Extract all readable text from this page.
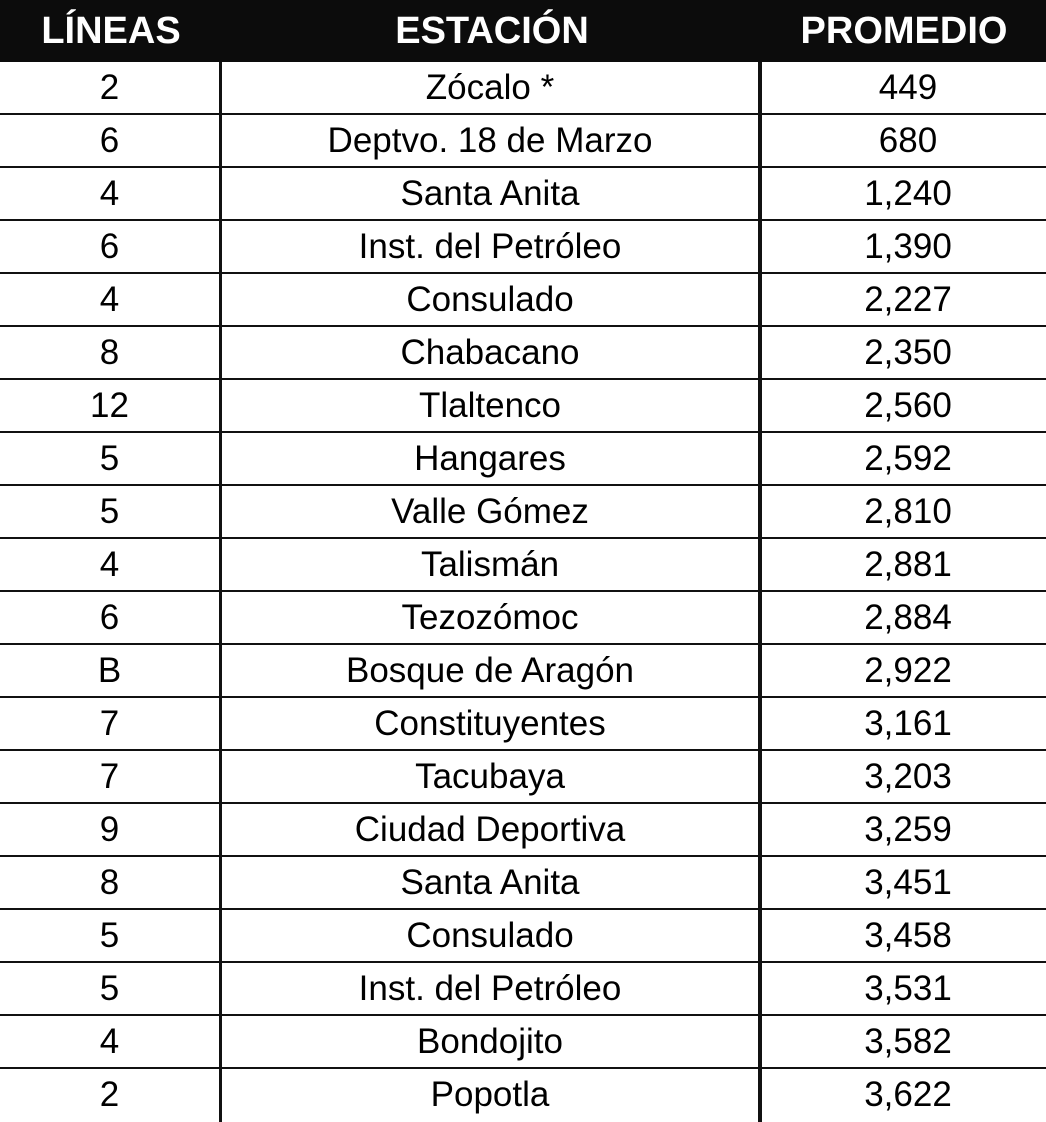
LÍNEAS	ESTACIÓN	PROMEDIO
2	Zócalo *	449
6	Deptvo. 18 de Marzo	680
4	Santa Anita	1,240
6	Inst. del Petróleo	1,390
4	Consulado	2,227
8	Chabacano	2,350
12	Tlaltenco	2,560
5	Hangares	2,592
5	Valle Gómez	2,810
4	Talismán	2,881
6	Tezozómoc	2,884
B	Bosque de Aragón	2,922
7	Constituyentes	3,161
7	Tacubaya	3,203
9	Ciudad Deportiva	3,259
8	Santa Anita	3,451
5	Consulado	3,458
5	Inst. del Petróleo	3,531
4	Bondojito	3,582
2	Popotla	3,622
